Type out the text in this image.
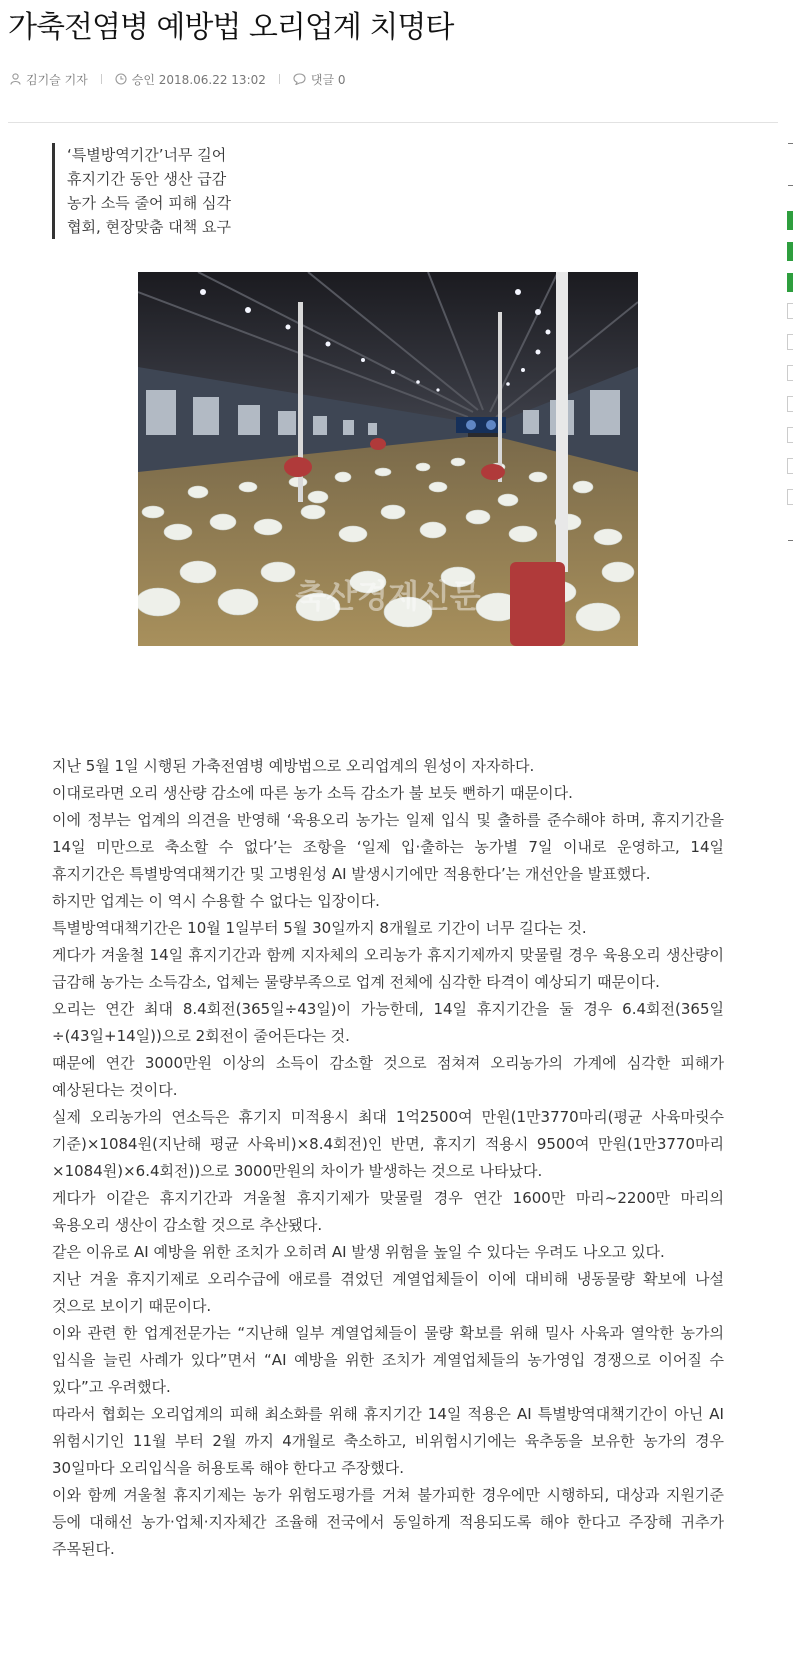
가축전염병 예방법 오리업계 치명타
김기슬 기자	승인 2018.06.22 13:02	댓글 0
‘특별방역기간’너무 길어
휴지기간 동안 생산 급감
농가 소득 줄어 피해 심각
협회, 현장맞춤 대책 요구
축산경제신문

지난 5월 1일 시행된 가축전염병 예방법으로 오리업계의 원성이 자자하다.

이대로라면 오리 생산량 감소에 따른 농가 소득 감소가 불 보듯 뻔하기 때문이다.

이에 정부는 업계의 의견을 반영해 ‘육용오리 농가는 일제 입식 및 출하를 준수해야 하며, 휴지기간을 14일 미만으로 축소할 수 없다’는 조항을 ‘일제 입·출하는 농가별 7일 이내로 운영하고, 14일 휴지기간은 특별방역대책기간 및 고병원성 AI 발생시기에만 적용한다’는 개선안을 발표했다.

하지만 업계는 이 역시 수용할 수 없다는 입장이다.

특별방역대책기간은 10월 1일부터 5월 30일까지 8개월로 기간이 너무 길다는 것.

게다가 겨울철 14일 휴지기간과 함께 지자체의 오리농가 휴지기제까지 맞물릴 경우 육용오리 생산량이 급감해 농가는 소득감소, 업체는 물량부족으로 업계 전체에 심각한 타격이 예상되기 때문이다.

오리는 연간 최대 8.4회전(365일÷43일)이 가능한데, 14일 휴지기간을 둘 경우 6.4회전(365일÷(43일+14일))으로 2회전이 줄어든다는 것.

때문에 연간 3000만원 이상의 소득이 감소할 것으로 점쳐져 오리농가의 가계에 심각한 피해가 예상된다는 것이다.

실제 오리농가의 연소득은 휴기지 미적용시 최대 1억2500여 만원(1만3770마리(평균 사육마릿수 기준)×1084원(지난해 평균 사육비)×8.4회전)인 반면, 휴지기 적용시 9500여 만원(1만3770마리×1084원)×6.4회전))으로 3000만원의 차이가 발생하는 것으로 나타났다.

게다가 이같은 휴지기간과 겨울철 휴지기제가 맞물릴 경우 연간 1600만 마리~2200만 마리의 육용오리 생산이 감소할 것으로 추산됐다.

같은 이유로 AI 예방을 위한 조치가 오히려 AI 발생 위험을 높일 수 있다는 우려도 나오고 있다.

지난 겨울 휴지기제로 오리수급에 애로를 겪었던 계열업체들이 이에 대비해 냉동물량 확보에 나설 것으로 보이기 때문이다.

이와 관련 한 업계전문가는 “지난해 일부 계열업체들이 물량 확보를 위해 밀사 사육과 열악한 농가의 입식을 늘린 사례가 있다”면서 “AI 예방을 위한 조치가 계열업체들의 농가영입 경쟁으로 이어질 수 있다”고 우려했다.

따라서 협회는 오리업계의 피해 최소화를 위해 휴지기간 14일 적용은 AI 특별방역대책기간이 아닌 AI 위험시기인 11월 부터 2월 까지 4개월로 축소하고, 비위험시기에는 육추동을 보유한 농가의 경우 30일마다 오리입식을 허용토록 해야 한다고 주장했다.

이와 함께 겨울철 휴지기제는 농가 위험도평가를 거쳐 불가피한 경우에만 시행하되, 대상과 지원기준 등에 대해선 농가·업체·지자체간 조율해 전국에서 동일하게 적용되도록 해야 한다고 주장해 귀추가 주목된다.
